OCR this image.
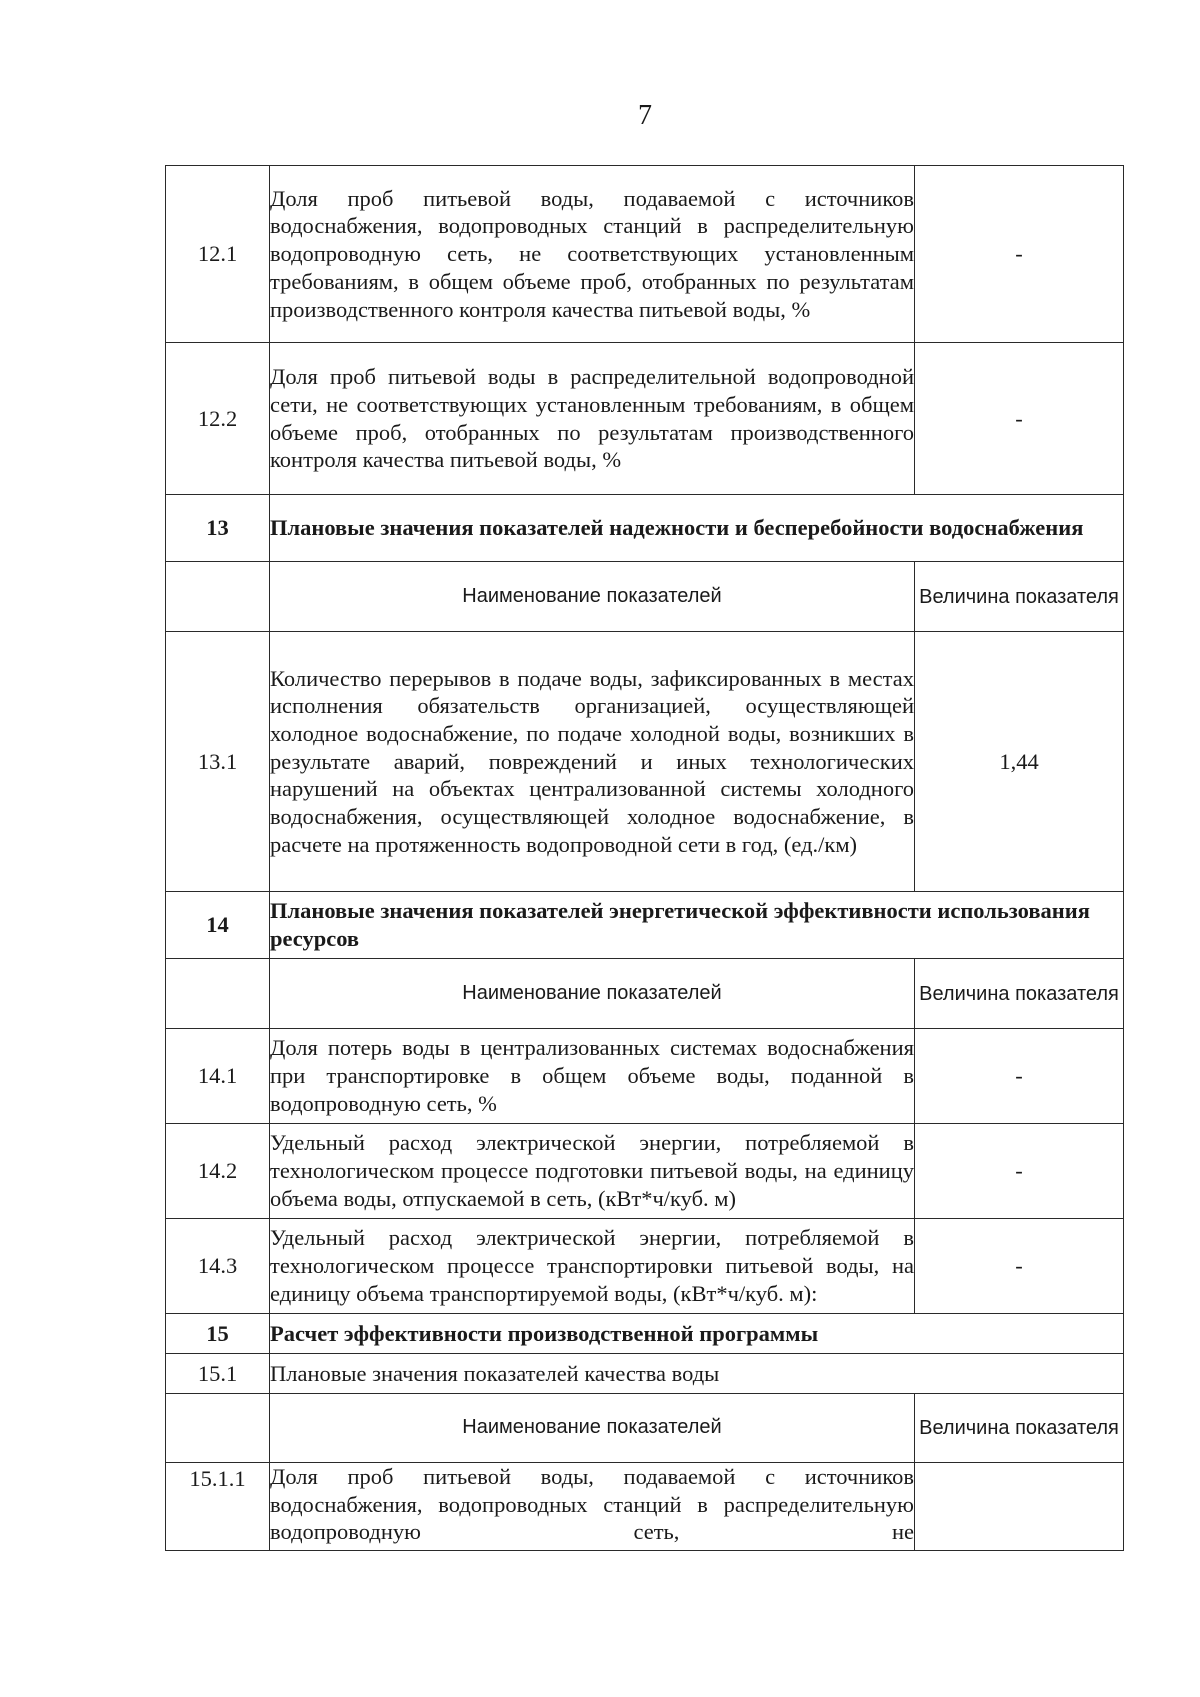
7
12.1	Доля проб питьевой воды, подаваемой с источников водоснабжения, водопроводных станций в распределительную водопроводную сеть, не соответствующих установленным требованиям, в общем объеме проб, отобранных по результатам производственного контроля качества питьевой воды, %	-
12.2	Доля проб питьевой воды в распределительной водопроводной сети, не соответствующих установленным требованиям, в общем объеме проб, отобранных по результатам производственного контроля качества питьевой воды, %	-
13	Плановые значения показателей надежности и бесперебойности водоснабжения	
	Наименование показателей	Величина показателя
13.1	Количество перерывов в подаче воды, зафиксированных в местах исполнения обязательств организацией, осуществляющей холодное водоснабжение, по подаче холодной воды, возникших в результате аварий, повреждений и иных технологических нарушений на объектах централизованной системы холодного водоснабжения, осуществляющей холодное водоснабжение, в расчете на протяженность водопроводной сети в год, (ед./км)	1,44
14	Плановые значения показателей энергетической эффективности использования ресурсов	
	Наименование показателей	Величина показателя
14.1	Доля потерь воды в централизованных системах водоснабжения при транспортировке в общем объеме воды, поданной в водопроводную сеть, %	-
14.2	Удельный расход электрической энергии, потребляемой в технологическом процессе подготовки питьевой воды, на единицу объема воды, отпускаемой в сеть, (кВт*ч/куб. м)	-
14.3	Удельный расход электрической энергии, потребляемой в технологическом процессе транспортировки питьевой воды, на единицу объема транспортируемой воды, (кВт*ч/куб. м):	-
15	Расчет эффективности производственной программы	
15.1	Плановые значения показателей качества воды	
	Наименование показателей	Величина показателя
15.1.1	Доля проб питьевой воды, подаваемой с источников водоснабжения, водопроводных станций в распределительную водопроводную сеть, не	
